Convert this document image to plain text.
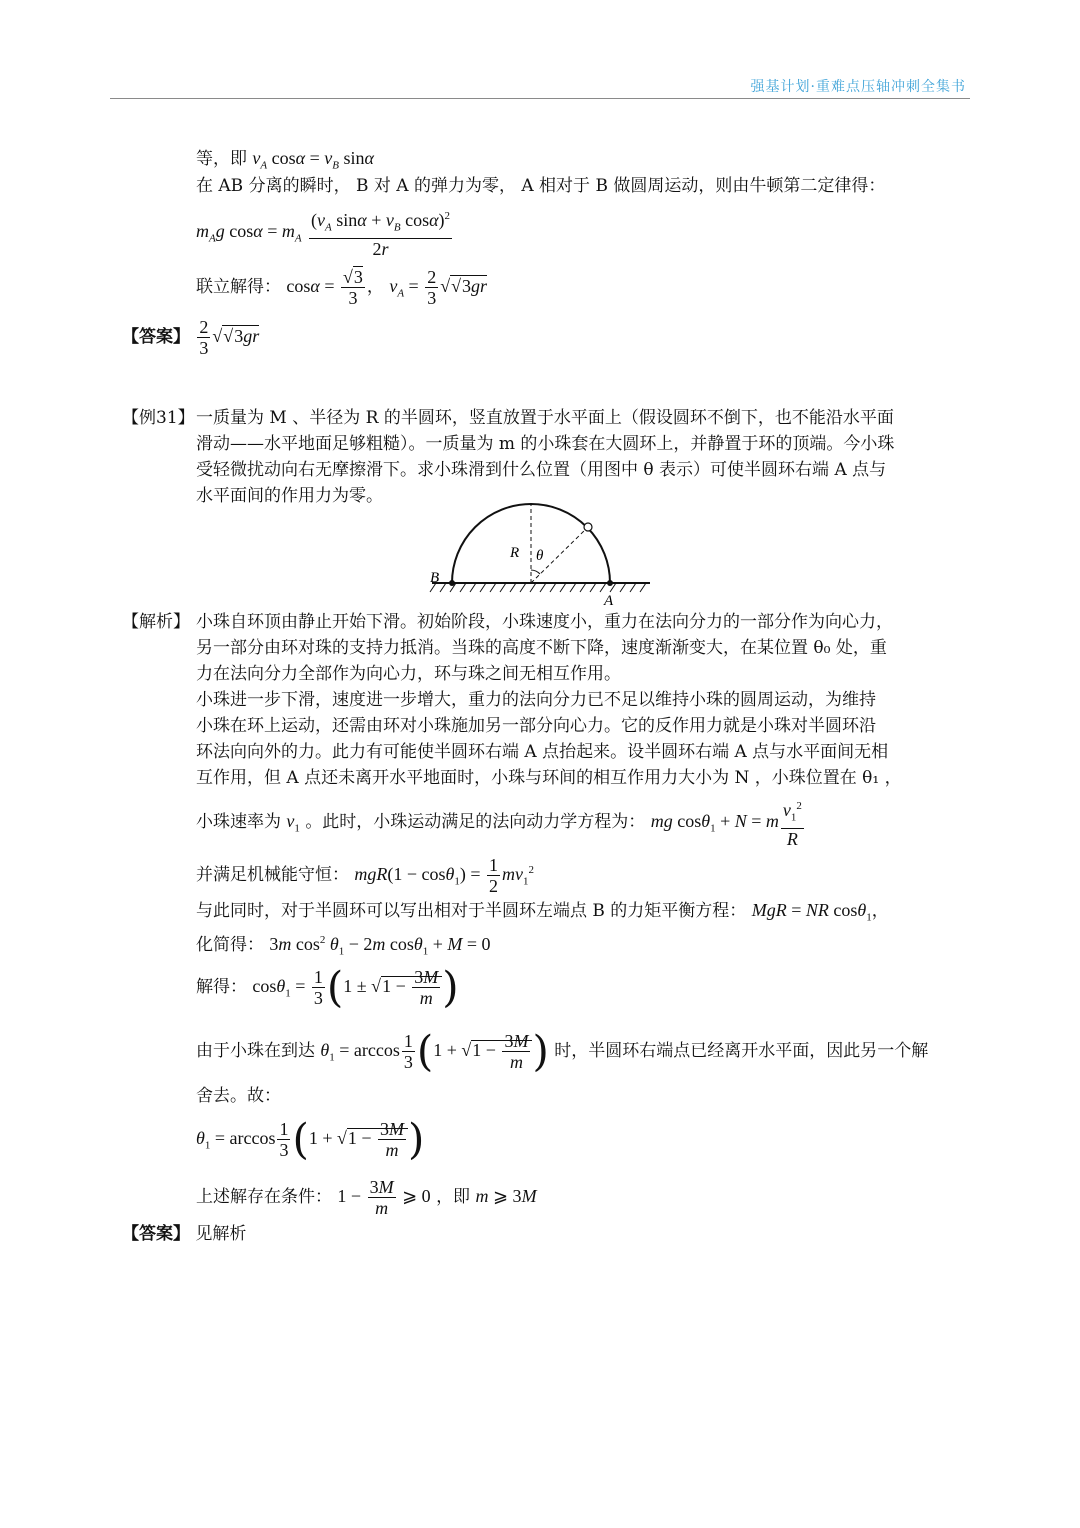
强基计划·重难点压轴冲刺全集书
等，即 $v_A$ $\cos\alpha = v_B$ sinα
在 AB 分离的瞬时， B 对 A 的弹力为零， A 相对于 B 做圆周运动，则由牛顿第二定律得：
$m_Ag$ $\cos\alpha = m_A \frac{(v_A \sin\alpha + v_B \cos\alpha)^2}{2r}$
联立解得： $\cos\alpha = \frac{√3}{3}$ ， $v_A = \frac{2}{3} √√3gr$
【答案】 $\frac{2}{3} √√3gr$
【例31】 一质量为 M 、半径为 R 的半圆环，竖直放置于水平面上（假设圆环不倒下，也不能沿水平面
滑动——水平地面足够粗糙）。一质量为 m 的小珠套在大圆环上，并静置于环的顶端。今小珠
受轻微扰动向右无摩擦滑下。求小珠滑到什么位置（用图中 θ 表示）可使半圆环右端 A 点与
水平面间的作用力为零。
R θ
B
A
【解析】 小珠自环顶由静止开始下滑。初始阶段，小珠速度小，重力在法向分力的一部分作为向心力，
另一部分由环对珠的支持力抵消。当珠的高度不断下降，速度渐渐变大，在某位置 θ₀ 处，重
力在法向分力全部作为向心力，环与珠之间无相互作用。
小珠进一步下滑，速度进一步增大，重力的法向分力已不足以维持小珠的圆周运动，为维持
小珠在环上运动，还需由环对小珠施加另一部分向心力。它的反作用力就是小珠对半圆环沿
环法向向外的力。此力有可能使半圆环右端 A 点抬起来。设半圆环右端 A 点与水平面间无相
互作用，但 A 点还未离开水平地面时，小珠与环间的相互作用力大小为 N ，小珠位置在 θ₁ ，
小珠速率为 $v_1$ 。此时，小珠运动满足的法向动力学方程为： mg cosθ$_1$ + N = m $\frac{v_1^2}{R}$
并满足机械能守恒： $mgR(1 - \cos\theta_1) = \frac{1}{2} mv_1^2$
与此同时，对于半圆环可以写出相对于半圆环左端点 B 的力矩平衡方程： MgR = NR cosθ$_1$，
化简得： 3m $\cos^2 \theta_1 - 2m$ cosθ$_1$ + M = 0
解得： $\cos\theta_1 = \frac{1}{3} (1 \pm √1 - \frac{3M}{m}$ )
由于小珠在到达 $\theta_1 = \arccos \frac{1}{3} (1 + √1 - \frac{3M}{m}$ ) 时，半圆环右端点已经离开水平面，因此另一个解
舍去。故：
$\theta_1 = \arccos \frac{1}{3} (1 + √1 - \frac{3M}{m}$ )
上述解存在条件： $1 - \frac{3M}{m}$ ⩾ 0 ，即 m ⩾ 3M
【答案】 见解析
